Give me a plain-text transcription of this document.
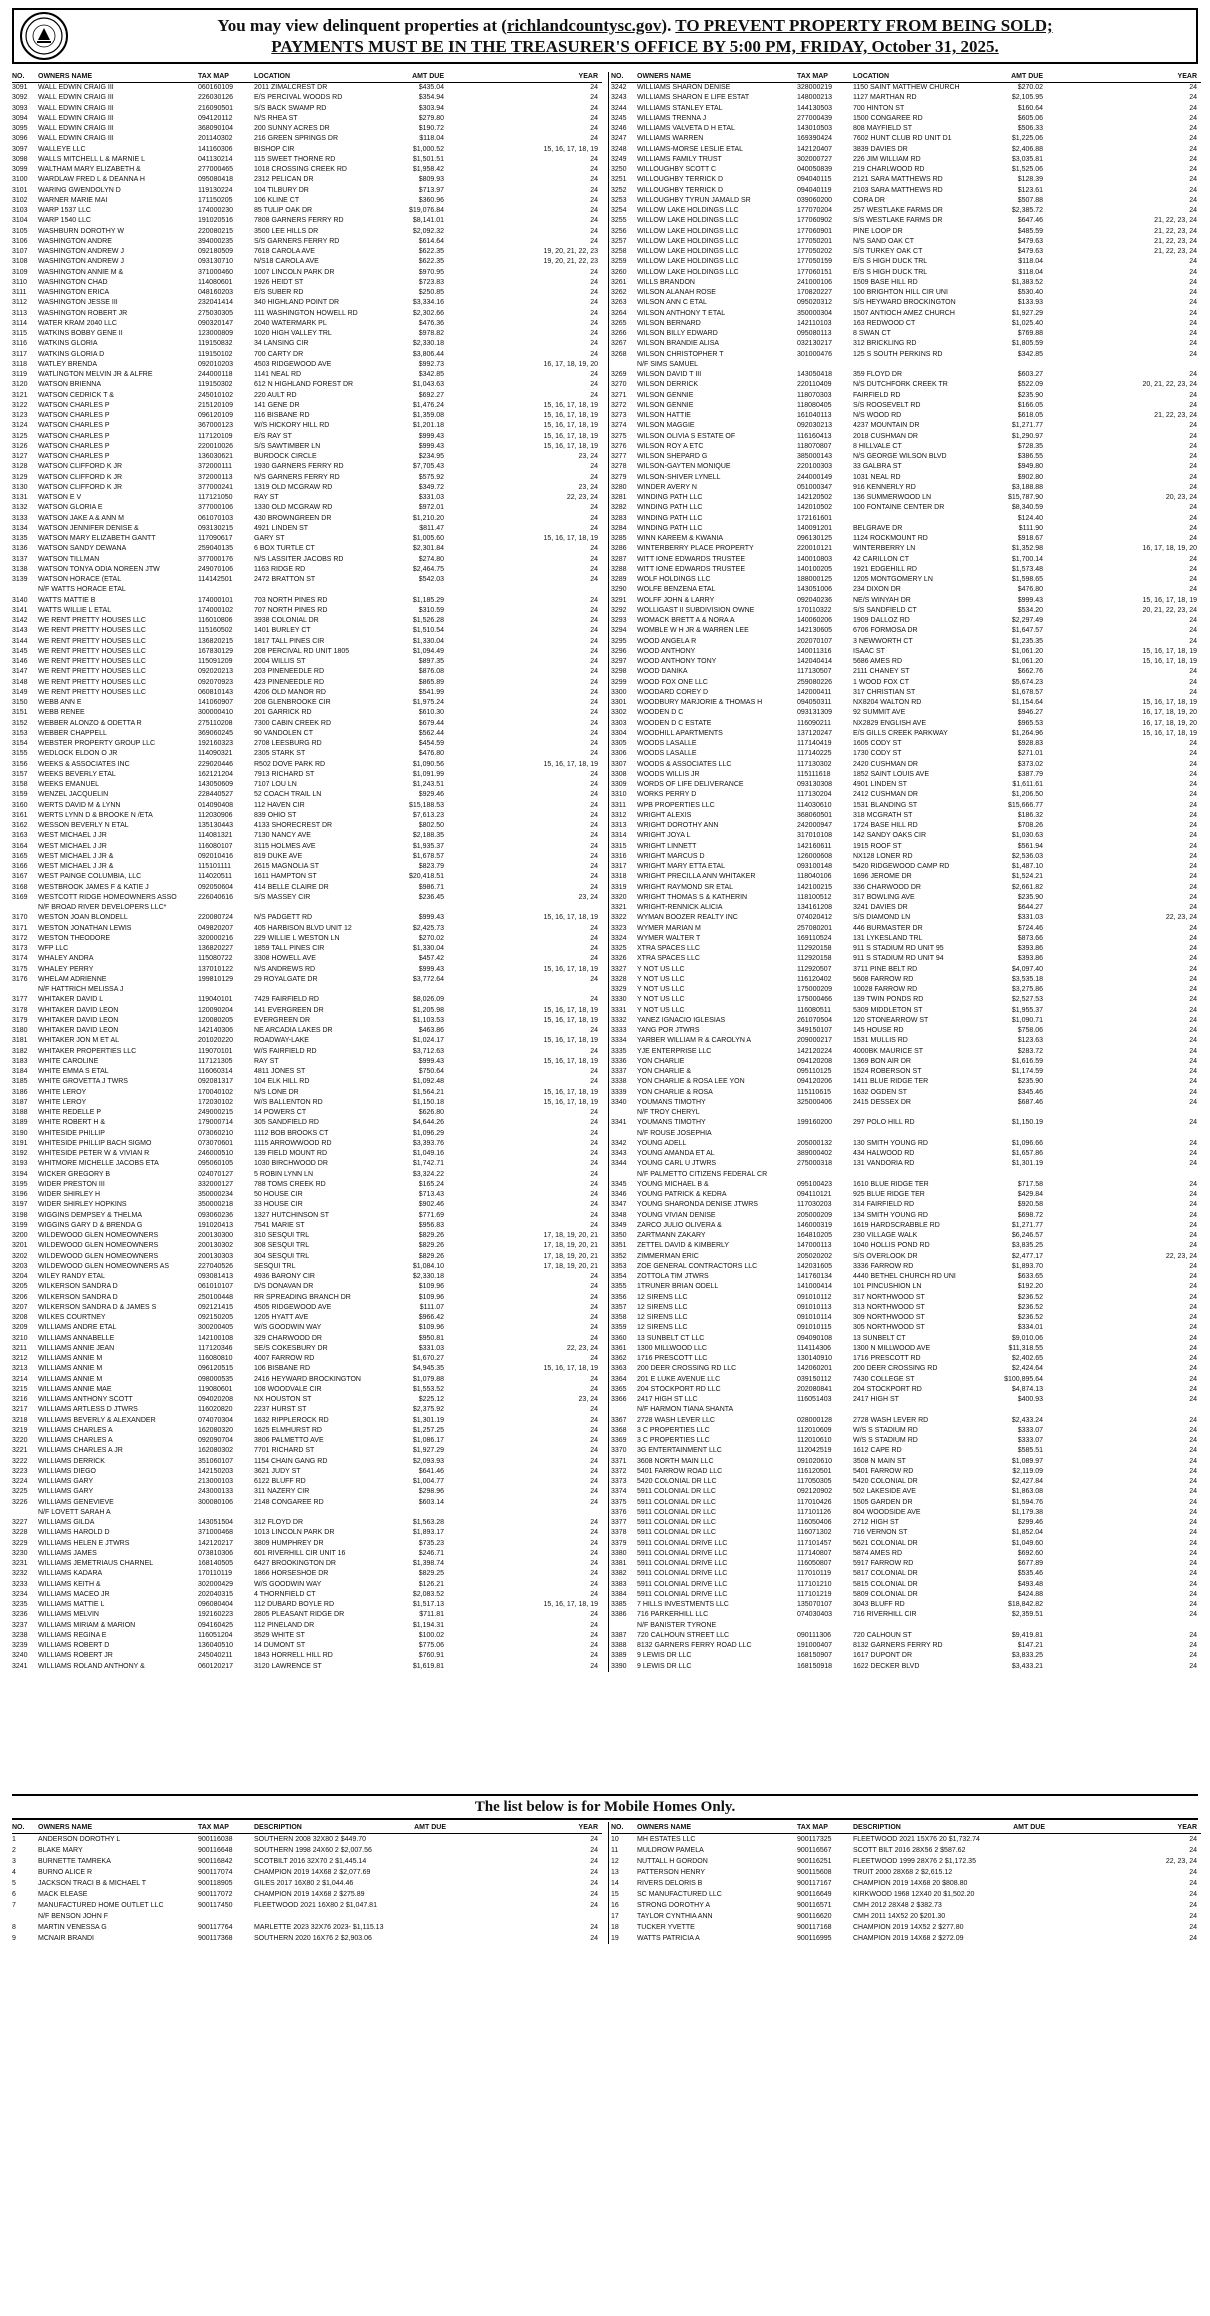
You may view delinquent properties at (richlandcountysc.gov). TO PREVENT PROPERTY FROM BEING SOLD;
PAYMENTS MUST BE IN THE TREASURER'S OFFICE BY 5:00 PM, FRIDAY, October 31, 2025.
NO.	OWNERS NAME	TAX MAP	LOCATION	AMT DUE	YEAR
3091	WALL EDWIN CRAIG III	060160109	2011 ZIMALCREST DR	$435.04	24
3092	WALL EDWIN CRAIG III	226030126	E/S PERCIVAL WOODS RD	$354.94	24
3093	WALL EDWIN CRAIG III	216090501	S/S BACK SWAMP RD	$303.94	24
3094	WALL EDWIN CRAIG III	094120112	N/S RHEA ST	$279.80	24
3095	WALL EDWIN CRAIG III	368090104	200 SUNNY ACRES DR	$190.72	24
3096	WALL EDWIN CRAIG III	201140302	216 GREEN SPRINGS DR	$118.04	24
3097	WALLEYE LLC	141160306	BISHOP CIR	$1,000.52	15, 16, 17, 18, 19
3098	WALLS MITCHELL L & MARNIE L	041130214	115 SWEET THORNE RD	$1,501.51	24
3099	WALTHAM MARY ELIZABETH &	277000465	1018 CROSSING CREEK RD	$1,958.42	24
3100	WARDLAW FRED L & DEANNA H	095080418	2312 PELICAN DR	$809.93	24
3101	WARING GWENDOLYN D	119130224	104 TILBURY DR	$713.97	24
3102	WARNER MARIE MAI	171150205	106 KLINE CT	$360.96	24
3103	WARP 1537 LLC	174000230	85 TULIP OAK DR	$19,076.84	24
3104	WARP 1540 LLC	191020516	7808 GARNERS FERRY RD	$8,141.01	24
3105	WASHBURN DOROTHY W	220080215	3500 LEE HILLS DR	$2,092.32	24
3106	WASHINGTON ANDRE	394000235	S/S GARNERS FERRY RD	$614.64	24
3107	WASHINGTON ANDREW J	092180509	7618 CAROLA AVE	$622.35	19, 20, 21, 22, 23
3108	WASHINGTON ANDREW J	093130710	N/S18 CAROLA AVE	$622.35	19, 20, 21, 22, 23
3109	WASHINGTON ANNIE M &	371000460	1007 LINCOLN PARK DR	$970.95	24
3110	WASHINGTON CHAD	114080601	1926 HEIDT ST	$723.83	24
3111	WASHINGTON ERICA	048160203	E/S SUBER RD	$250.85	24
3112	WASHINGTON JESSE III	232041414	340 HIGHLAND POINT DR	$3,334.16	24
3113	WASHINGTON ROBERT JR	275030305	111 WASHINGTON HOWELL RD	$2,302.66	24
3114	WATER KRAM 2040 LLC	090320147	2040 WATERMARK PL	$476.36	24
3115	WATKINS BOBBY GENE II	123000809	1020 HIGH VALLEY TRL	$978.82	24
3116	WATKINS GLORIA	119150832	34 LANSING CIR	$2,330.18	24
3117	WATKINS GLORIA D	119150102	700 CARTY DR	$3,806.44	24
3118	WATLEY BRENDA	092010203	4503 RIDGEWOOD AVE	$992.73	16, 17, 18, 19, 20
3119	WATLINGTON MELVIN JR & ALFRE	244000118	1141 NEAL RD	$342.85	24
3120	WATSON BRIENNA	119150302	612 N HIGHLAND FOREST DR	$1,043.63	24
3121	WATSON CEDRICK T &	245010102	220 AULT RD	$692.27	24
3122	WATSON CHARLES P	215120109	141 GENE DR	$1,476.24	15, 16, 17, 18, 19
3123	WATSON CHARLES P	096120109	116 BISBANE RD	$1,359.08	15, 16, 17, 18, 19
3124	WATSON CHARLES P	367000123	W/S HICKORY HILL RD	$1,201.18	15, 16, 17, 18, 19
3125	WATSON CHARLES P	117120109	E/S RAY ST	$999.43	15, 16, 17, 18, 19
3126	WATSON CHARLES P	220010026	S/S SAWTIMBER LN	$999.43	15, 16, 17, 18, 19
3127	WATSON CHARLES P	136030621	BURDOCK CIRCLE	$234.95	23, 24
3128	WATSON CLIFFORD K JR	372000111	1930 GARNERS FERRY RD	$7,705.43	24
3129	WATSON CLIFFORD K JR	372000113	N/S GARNERS FERRY RD	$575.92	24
3130	WATSON CLIFFORD K JR	377000241	1319 OLD MCGRAW RD	$349.72	23, 24
3131	WATSON E V	117121050	RAY ST	$331.03	22, 23, 24
3132	WATSON GLORIA E	377000106	1330 OLD MCGRAW RD	$972.01	24
3133	WATSON JAKE A & ANN M	061070103	430 BROWNGREEN DR	$1,210.20	24
3134	WATSON JENNIFER DENISE &	093130215	4921 LINDEN ST	$811.47	24
3135	WATSON MARY ELIZABETH GANTT	117090617	GARY ST	$1,005.60	15, 16, 17, 18, 19
3136	WATSON SANDY DEWANA	259040135	6 BOX TURTLE CT	$2,301.84	24
3137	WATSON TILLMAN	377000176	N/S LASSITER JACOBS RD	$274.80	24
3138	WATSON TONYA ODIA NOREEN JTW	249070106	1163 RIDGE RD	$2,464.75	24
3139	WATSON HORACE (ETAL	114142501	2472 BRATTON ST	$542.03	24
N/F WATTS HORACE ETAL
3140	WATTS MATTIE B	174000101	703 NORTH PINES RD	$1,185.29	24
3141	WATTS WILLIE L ETAL	174000102	707 NORTH PINES RD	$310.59	24
3142	WE RENT PRETTY HOUSES LLC	116010806	3938 COLONIAL DR	$1,526.28	24
3143	WE RENT PRETTY HOUSES LLC	115160502	1401 BURLEY CT	$1,510.54	24
3144	WE RENT PRETTY HOUSES LLC	136820215	1817 TALL PINES CIR	$1,330.04	24
3145	WE RENT PRETTY HOUSES LLC	167830129	208 PERCIVAL RD UNIT 1805	$1,094.49	24
3146	WE RENT PRETTY HOUSES LLC	115091209	2004 WILLIS ST	$897.35	24
3147	WE RENT PRETTY HOUSES LLC	092020213	203 PINENEEDLE RD	$876.08	24
3148	WE RENT PRETTY HOUSES LLC	092070923	423 PINENEEDLE RD	$865.89	24
3149	WE RENT PRETTY HOUSES LLC	060810143	4206 OLD MANOR RD	$541.99	24
3150	WEBB ANN E	141060907	208 GLENBROOKE CIR	$1,975.24	24
3151	WEBB RENEE	300000410	201 GARRICK RD	$610.30	24
3152	WEBBER ALONZO & ODETTA R	275110208	7300 CABIN CREEK RD	$679.44	24
3153	WEBBER CHAPPELL	369060245	90 VANDOLEN CT	$562.44	24
3154	WEBSTER PROPERTY GROUP LLC	192160323	2708 LEESBURG RD	$454.59	24
3155	WEDLOCK ELDON O JR	114090321	2305 STARK ST	$476.80	24
3156	WEEKS & ASSOCIATES INC	229020446	R502 DOVE PARK RD	$1,090.56	15, 16, 17, 18, 19
3157	WEEKS BEVERLY ETAL	162121204	7913 RICHARD ST	$1,091.99	24
3158	WEEKS EMANUEL	143050609	7107 LOU LN	$1,243.51	24
3159	WENZEL JACQUELIN	228440527	52 COACH TRAIL LN	$929.46	24
3160	WERTS DAVID M & LYNN	014090408	112 HAVEN CIR	$15,188.53	24
3161	WERTS LYNN D & BROOKE N /ETA	112030906	839 OHIO ST	$7,613.23	24
3162	WESSON BEVERLY N ETAL	135130443	4133 SHORECREST DR	$802.50	24
3163	WEST MICHAEL J JR	114081321	7130 NANCY AVE	$2,188.35	24
3164	WEST MICHAEL J JR	116080107	3115 HOLMES AVE	$1,935.37	24
3165	WEST MICHAEL J JR &	092010416	819 DUKE AVE	$1,678.57	24
3166	WEST MICHAEL J JR &	115101111	2615 MAGNOLIA ST	$823.79	24
3167	WEST PAINGE COLUMBIA, LLC	114020511	1611 HAMPTON ST	$20,418.51	24
3168	WESTBROOK JAMES F & KATIE J	092050604	414 BELLE CLAIRE DR	$986.71	24
3169	WESTCOTT RIDGE HOMEOWNERS ASSO	226040616	S/S MASSEY CIR	$236.45	23, 24
N/F BROAD RIVER DEVELOPERS LLC*
3170	WESTON JOAN BLONDELL	220080724	N/S PADGETT RD	$999.43	15, 16, 17, 18, 19
3171	WESTON JONATHAN LEWIS	049820207	405 HARBISON BLVD UNIT 12	$2,425.73	24
3172	WESTON THEODORE	320000216	229 WILLIE L WESTON LN	$270.02	24
3173	WFP LLC	136820227	1859 TALL PINES CIR	$1,330.04	24
3174	WHALEY ANDRA	115080722	3308 HOWELL AVE	$457.42	24
3175	WHALEY PERRY	137010122	N/S ANDREWS RD	$999.43	15, 16, 17, 18, 19
3176	WHELAM ADRIENNE	199810129	29 ROYALGATE DR	$3,772.64	24
N/F HATTRICH MELISSA J
3177	WHITAKER DAVID L	119040101	7429 FAIRFIELD RD	$8,026.09	24
3178	WHITAKER DAVID LEON	120090204	141 EVERGREEN DR	$1,205.98	15, 16, 17, 18, 19
3179	WHITAKER DAVID LEON	120080205	EVERGREEN DR	$1,103.53	15, 16, 17, 18, 19
3180	WHITAKER DAVID LEON	142140306	NE ARCADIA LAKES DR	$463.86	24
3181	WHITAKER JON M ET AL	201020220	ROADWAY-LAKE	$1,024.17	15, 16, 17, 18, 19
3182	WHITAKER PROPERTIES LLC	119070101	W/S FAIRFIELD RD	$3,712.63	24
3183	WHITE CAROLINE	117121305	RAY ST	$999.43	15, 16, 17, 18, 19
3184	WHITE EMMA S ETAL	116060314	4811 JONES ST	$750.64	24
3185	WHITE GROVETTA J TWRS	092081317	104 ELK HILL RD	$1,092.48	24
3186	WHITE LEROY	170040102	N/S LONE DR	$1,564.21	15, 16, 17, 18, 19
3187	WHITE LEROY	172030102	W/S BALLENTON RD	$1,150.18	15, 16, 17, 18, 19
3188	WHITE REDELLE P	249000215	14 POWERS CT	$626.80	24
3189	WHITE ROBERT H &	179000714	305 SANDFIELD RD	$4,644.26	24
3190	WHITESIDE PHILLIP	073060210	1112 BOB BROOKS CT	$1,096.29	24
3191	WHITESIDE PHILLIP BACH SIGMO	073070601	1115 ARROWWOOD RD	$3,393.76	24
3192	WHITESIDE PETER W & VIVIAN R	246000510	139 FIELD MOUNT RD	$1,049.16	24
3193	WHITMORE MICHELLE JACOBS ETA	095060105	1030 BIRCHWOOD DR	$1,742.71	24
3194	WICKER GREGORY B	024070127	5 ROBIN LYNN LN	$3,324.22	24
3195	WIDER PRESTON III	332000127	788 TOMS CREEK RD	$165.24	24
3196	WIDER SHIRLEY H	350000234	50 HOUSE CIR	$713.43	24
3197	WIDER SHIRLEY HOPKINS	350000218	33 HOUSE CIR	$902.46	24
3198	WIGGINS DEMPSEY & THELMA	093060236	1327 HUTCHINSON ST	$771.69	24
3199	WIGGINS GARY D & BRENDA G	191020413	7541 MARIE ST	$956.83	24
3200	WILDEWOOD GLEN HOMEOWNERS	200130300	310 SESQUI TRL	$829.26	17, 18, 19, 20, 21
3201	WILDEWOOD GLEN HOMEOWNERS	200130302	308 SESQUI TRL	$829.26	17, 18, 19, 20, 21
3202	WILDEWOOD GLEN HOMEOWNERS	200130303	304 SESQUI TRL	$829.26	17, 18, 19, 20, 21
3203	WILDEWOOD GLEN HOMEOWNERS AS	227040526	SESQUI TRL	$1,084.10	17, 18, 19, 20, 21
3204	WILEY RANDY ETAL	093081413	4936 BARONY CIR	$2,330.18	24
3205	WILKERSON SANDRA D	061010107	D/S DONAVAN DR	$109.96	24
3206	WILKERSON SANDRA D	250100448	RR SPREADING BRANCH DR	$109.96	24
3207	WILKERSON SANDRA D & JAMES S	092121415	4505 RIDGEWOOD AVE	$111.07	24
3208	WILKES COURTNEY	092150205	1205 HYATT AVE	$966.42	24
3209	WILLIAMS ANDRE ETAL	300200405	W/S GOODWIN WAY	$109.96	24
3210	WILLIAMS ANNABELLE	142100108	329 CHARWOOD DR	$950.81	24
3211	WILLIAMS ANNIE JEAN	117120346	SE/S COKESBURY DR	$331.03	22, 23, 24
3212	WILLIAMS ANNIE M	116080810	4007 FARROW RD	$1,670.27	24
3213	WILLIAMS ANNIE M	096120515	106 BISBANE RD	$4,945.35	15, 16, 17, 18, 19
3214	WILLIAMS ANNIE M	098000535	2416 HEYWARD BROCKINGTON	$1,079.88	24
3215	WILLIAMS ANNIE MAE	119080601	108 WOODVALE CIR	$1,553.52	24
3216	WILLIAMS ANTHONY SCOTT	094020208	NX HOUSTON ST	$225.12	23, 24
3217	WILLIAMS ARTLESS D JTWRS	116020820	2237 HURST ST	$2,375.92	24
3218	WILLIAMS BEVERLY & ALEXANDER	074070304	1632 RIPPLEROCK RD	$1,301.19	24
3219	WILLIAMS CHARLES A	162080320	1625 ELMHURST RD	$1,257.25	24
3220	WILLIAMS CHARLES A	092090704	3806 PALMETTO AVE	$1,086.17	24
3221	WILLIAMS CHARLES A JR	162080302	7701 RICHARD ST	$1,927.29	24
3222	WILLIAMS DERRICK	351060107	1154 CHAIN GANG RD	$2,093.93	24
3223	WILLIAMS DIEGO	142150203	3621 JUDY ST	$641.46	24
3224	WILLIAMS GARY	213000103	6122 BLUFF RD	$1,004.77	24
3225	WILLIAMS GARY	243000133	311 NAZERY CIR	$298.96	24
3226	WILLIAMS GENEVIEVE	300080106	2148 CONGAREE RD	$603.14	24
N/F LOVETT SARAH A
3227	WILLIAMS GILDA	143051504	312 FLOYD DR	$1,563.28	24
3228	WILLIAMS HAROLD D	371000468	1013 LINCOLN PARK DR	$1,893.17	24
3229	WILLIAMS HELEN E JTWRS	142120217	3809 HUMPHREY DR	$735.23	24
3230	WILLIAMS JAMES	073810306	601 RIVERHILL CIR UNIT 16	$246.71	24
3231	WILLIAMS JEMETRIAUS CHARNEL	168140505	6427 BROOKINGTON DR	$1,398.74	24
3232	WILLIAMS KADARA	170110119	1866 HORSESHOE DR	$829.25	24
3233	WILLIAMS KEITH &	302000429	W/S GOODWIN WAY	$126.21	24
3234	WILLIAMS MACEO JR	202040315	4 THORNFIELD CT	$2,083.52	24
3235	WILLIAMS MATTIE L	096080404	112 DUBARD BOYLE RD	$1,517.13	15, 16, 17, 18, 19
3236	WILLIAMS MELVIN	192160223	2805 PLEASANT RIDGE DR	$711.81	24
3237	WILLIAMS MIRIAM & MARION	094160425	112 PINELAND DR	$1,194.31	24
3238	WILLIAMS REGINA E	116051204	3529 WHITE ST	$100.02	24
3239	WILLIAMS ROBERT D	136040510	14 DUMONT ST	$775.06	24
3240	WILLIAMS ROBERT JR	245040211	1843 HORRELL HILL RD	$760.91	24
3241	WILLIAMS ROLAND ANTHONY &	060120217	3120 LAWRENCE ST	$1,619.81	24
NO.	OWNERS NAME	TAX MAP	LOCATION	AMT DUE	YEAR
3242	WILLIAMS SHARON DENISE	328000219	1150 SAINT MATTHEW CHURCH	$270.02	24
3243	WILLIAMS SHARON E LIFE ESTAT	148000213	1127 MARTHAN RD	$2,105.95	24
3244	WILLIAMS STANLEY ETAL	144130503	700 HINTON ST	$160.64	24
3245	WILLIAMS TRENNA J	277000439	1500 CONGAREE RD	$605.06	24
3246	WILLIAMS VALVETA D H ETAL	143010503	808 MAYFIELD ST	$506.33	24
3247	WILLIAMS WARREN	169390424	7602 HUNT CLUB RD UNIT D1	$1,225.06	24
3248	WILLIAMS-MORSE LESLIE ETAL	142120407	3839 DAVIES DR	$2,406.88	24
3249	WILLIAMS FAMILY TRUST	302000727	226 JIM WILLIAM RD	$3,035.81	24
3250	WILLOUGHBY SCOTT C	040050839	219 CHARLWOOD RD	$1,525.06	24
3251	WILLOUGHBY TERRICK D	094040115	2121 SARA MATTHEWS RD	$128.39	24
3252	WILLOUGHBY TERRICK D	094040119	2103 SARA MATTHEWS RD	$123.61	24
3253	WILLOUGHBY TYRUN JAMALD SR	039060200	CORA DR	$507.88	24
3254	WILLOW LAKE HOLDINGS LLC	177070204	257 WESTLAKE FARMS DR	$2,385.72	24
3255	WILLOW LAKE HOLDINGS LLC	177060902	S/S WESTLAKE FARMS DR	$647.46	21, 22, 23, 24
3256	WILLOW LAKE HOLDINGS LLC	177060901	PINE LOOP DR	$485.59	21, 22, 23, 24
3257	WILLOW LAKE HOLDINGS LLC	177050201	N/S SAND OAK CT	$479.63	21, 22, 23, 24
3258	WILLOW LAKE HOLDINGS LLC	177050202	S/S TURKEY OAK CT	$479.63	21, 22, 23, 24
3259	WILLOW LAKE HOLDINGS LLC	177050159	E/S S HIGH DUCK TRL	$118.04	24
3260	WILLOW LAKE HOLDINGS LLC	177060151	E/S S HIGH DUCK TRL	$118.04	24
3261	WILLS BRANDON	241000106	1509 BASE HILL RD	$1,383.52	24
3262	WILSON ALANAH ROSE	170820227	100 BRIGHTON HILL CIR UNI	$530.40	24
3263	WILSON ANN C ETAL	095020312	S/S HEYWARD BROCKINGTON	$133.93	24
3264	WILSON ANTHONY T ETAL	350000304	1507 ANTIOCH AMEZ CHURCH	$1,927.29	24
3265	WILSON BERNARD	142110103	163 REDWOOD CT	$1,025.40	24
3266	WILSON BILLY EDWARD	095080113	8 SWAN CT	$769.88	24
3267	WILSON BRANDIE ALISA	032130217	312 BRICKLING RD	$1,805.59	24
3268	WILSON CHRISTOPHER T	301000476	125 S SOUTH PERKINS RD	$342.85	24
N/F SIMS SAMUEL
3269	WILSON DAVID T III	143050418	359 FLOYD DR	$603.27	24
3270	WILSON DERRICK	220110409	N/S DUTCHFORK CREEK TR	$522.09	20, 21, 22, 23, 24
3271	WILSON GENNIE	118070303	FAIRFIELD RD	$235.90	24
3272	WILSON GENNIE	118080405	S/S ROOSEVELT RD	$166.05	24
3273	WILSON HATTIE	161040113	N/S WOOD RD	$618.05	21, 22, 23, 24
3274	WILSON MAGGIE	092030213	4237 MOUNTAIN DR	$1,271.77	24
3275	WILSON OLIVIA S ESTATE OF	116160413	2018 CUSHMAN DR	$1,290.97	24
3276	WILSON ROY A ETC	118070807	8 HILLVALE CT	$728.35	24
3277	WILSON SHEPARD G	385000143	N/S GEORGE WILSON BLVD	$386.55	24
3278	WILSON-GAYTEN MONIQUE	220100303	33 GALBRA ST	$949.80	24
3279	WILSON-SHIVER LYNELL	244000149	1031 NEAL RD	$902.80	24
3280	WINDER AVERY N	051000347	916 KENNERLY RD	$3,188.88	24
3281	WINDING PATH LLC	142120502	136 SUMMERWOOD LN	$15,787.90	20, 23, 24
3282	WINDING PATH LLC	142010502	100 FONTAINE CENTER DR	$8,340.59	24
3283	WINDING PATH LLC	172161601	$124.40	24
3284	WINDING PATH LLC	140091201	BELGRAVE DR	$111.90	24
3285	WINN KAREEM & KWANIA	096130125	1124 ROCKMOUNT RD	$918.67	24
3286	WINTERBERRY PLACE PROPERTY	220010121	WINTERBERRY LN	$1,352.98	16, 17, 18, 19, 20
3287	WITT IONE EDWARDS TRUSTEE	140010803	42 CARILLON CT	$1,700.14	24
3288	WITT IONE EDWARDS TRUSTEE	140100205	1921 EDGEHILL RD	$1,573.48	24
3289	WOLF HOLDINGS LLC	188000125	1205 MONTGOMERY LN	$1,598.65	24
3290	WOLFE BENZENA ETAL	143051006	234 DIXON DR	$476.80	24
3291	WOLFF JOHN & LARRY	092040236	NE/S WINYAH DR	$999.43	15, 16, 17, 18, 19
3292	WOLLIGAST II SUBDIVISION OWNE	170110322	S/S SANDFIELD CT	$534.20	20, 21, 22, 23, 24
3293	WOMACK BRETT A & NORA A	140060206	1909 DALLOZ RD	$2,297.49	24
3294	WOMBLE W H JR & WARREN LEE	142130605	6706 FORMOSA DR	$1,647.57	24
3295	WOOD ANGELA R	202070107	3 NEWWORTH CT	$1,235.35	24
3296	WOOD ANTHONY	140011316	ISAAC ST	$1,061.20	15, 16, 17, 18, 19
3297	WOOD ANTHONY TONY	142040414	5686 AMES RD	$1,061.20	15, 16, 17, 18, 19
3298	WOOD DANIKA	117130507	2111 CHANEY ST	$662.76	24
3299	WOOD FOX ONE LLC	259080226	1 WOOD FOX CT	$5,674.23	24
3300	WOODARD COREY D	142000411	317 CHRISTIAN ST	$1,678.57	24
3301	WOODBURY MARJORIE & THOMAS H	094050311	NX8204 WALTON RD	$1,154.64	15, 16, 17, 18, 19
3302	WOODEN D C	093131309	92 SUMMIT AVE	$946.27	16, 17, 18, 19, 20
3303	WOODEN D C ESTATE	116090211	NX2829 ENGLISH AVE	$965.53	16, 17, 18, 19, 20
3304	WOODHILL APARTMENTS	137120247	E/S GILLS CREEK PARKWAY	$1,264.96	15, 16, 17, 18, 19
3305	WOODS LASALLE	117140419	1605 CODY ST	$928.83	24
3306	WOODS LASALLE	117140225	1730 CODY ST	$271.01	24
3307	WOODS & ASSOCIATES LLC	117130302	2420 CUSHMAN DR	$373.02	24
3308	WOODS WILLIS JR	115111618	1852 SAINT LOUIS AVE	$387.79	24
3309	WORDS OF LIFE DELIVERANCE	093130308	4901 LINDEN ST	$1,611.61	24
3310	WORKS PERRY D	117130204	2412 CUSHMAN DR	$1,206.50	24
3311	WPB PROPERTIES LLC	114030610	1531 BLANDING ST	$15,666.77	24
3312	WRIGHT ALEXIS	368060501	318 MCGRATH ST	$186.32	24
3313	WRIGHT DOROTHY ANN	242000947	1724 BASE HILL RD	$708.26	24
3314	WRIGHT JOYA L	317010108	142 SANDY OAKS CIR	$1,030.63	24
3315	WRIGHT LINNETT	142160611	1915 ROOF ST	$561.94	24
3316	WRIGHT MARCUS D	126000608	NX128 LONER RD	$2,536.03	24
3317	WRIGHT MARY ETTA ETAL	093100148	5420 RIDGEWOOD CAMP RD	$1,487.10	24
3318	WRIGHT PRECILLA ANN WHITAKER	118040106	1696 JEROME DR	$1,524.21	24
3319	WRIGHT RAYMOND SR ETAL	142100215	336 CHARWOOD DR	$2,661.82	24
3320	WRIGHT THOMAS S & KATHERIN	118100512	317 BOWLING AVE	$235.90	24
3321	WRIGHT-RENNICK ALICIA	134161208	3241 DAVIES DR	$644.27	24
3322	WYMAN BOOZER REALTY INC	074020412	S/S DIAMOND LN	$331.03	22, 23, 24
3323	WYMER MARIAN M	257080201	446 BURMASTER DR	$724.46	24
3324	WYMER WALTER T	169110524	131 LYKESLAND TRL	$873.66	24
3325	XTRA SPACES LLC	112920158	911 S STADIUM RD UNIT 95	$393.86	24
3326	XTRA SPACES LLC	112920158	911 S STADIUM RD UNIT 94	$393.86	24
3327	Y NOT US LLC	112920507	3711 PINE BELT RD	$4,097.40	24
3328	Y NOT US LLC	116120402	5608 FARROW RD	$3,535.18	24
3329	Y NOT US LLC	175000209	10028 FARROW RD	$3,275.86	24
3330	Y NOT US LLC	175000466	139 TWIN PONDS RD	$2,527.53	24
3331	Y NOT US LLC	116080511	5309 MIDDLETON ST	$1,955.37	24
3332	YANEZ IGNACIO IGLESIAS	261070504	120 STONEARROW ST	$1,090.71	24
3333	YANG POR JTWRS	349150107	145 HOUSE RD	$758.06	24
3334	YARBER WILLIAM R & CAROLYN A	209000217	1531 MULLIS RD	$123.63	24
3335	YJE ENTERPRISE LLC	142120224	4000BK MAURICE ST	$283.72	24
3336	YON CHARLIE	094120208	1369 BON AIR DR	$1,616.59	24
3337	YON CHARLIE &	095110125	1524 ROBERSON ST	$1,174.59	24
3338	YON CHARLIE & ROSA LEE YON	094120206	1411 BLUE RIDGE TER	$235.90	24
3339	YON CHARLIE & ROSA	115110615	1632 OGDEN ST	$345.46	24
3340	YOUMANS TIMOTHY	325000406	2415 DESSEX DR	$687.46	24
N/F TROY CHERYL
3341	YOUMANS TIMOTHY	199160200	297 POLO HILL RD	$1,150.19	24
N/F ROUSE JOSEPHIA
3342	YOUNG ADELL	205000132	130 SMITH YOUNG RD	$1,096.66	24
3343	YOUNG AMANDA ET AL	389000402	434 HALWOOD RD	$1,657.86	24
3344	YOUNG CARL U JTWRS	275000318	131 VANDORIA RD	$1,301.19	24
N/F PALMETTO CITIZENS FEDERAL CR
3345	YOUNG MICHAEL B &	095100423	1610 BLUE RIDGE TER	$717.58	24
3346	YOUNG PATRICK & KEDRA	094110121	925 BLUE RIDGE TER	$429.84	24
3347	YOUNG SHARONDA DENISE JTWRS	117030203	314 FAIRFIELD RD	$920.58	24
3348	YOUNG VIVIAN DENISE	205000209	134 SMITH YOUNG RD	$698.72	24
3349	ZARCO JULIO OLIVERA &	146000319	1619 HARDSCRABBLE RD	$1,271.77	24
3350	ZARTMANN ZAKARY	164810205	230 VILLAGE WALK	$6,246.57	24
3351	ZETTEL DAVID & KIMBERLY	147000113	1040 HOLLIS POND RD	$3,835.25	24
3352	ZIMMERMAN ERIC	205020202	S/S OVERLOOK DR	$2,477.17	22, 23, 24
3353	ZOE GENERAL CONTRACTORS LLC	142031605	3336 FARROW RD	$1,893.70	24
3354	ZOTTOLA TIM JTWRS	141760134	4440 BETHEL CHURCH RD UNI	$633.65	24
3355	1TRUNER BRIAN ODELL	141000414	101 PINCUSHION LN	$192.20	24
3356	12 SIRENS LLC	091010112	317 NORTHWOOD ST	$236.52	24
3357	12 SIRENS LLC	091010113	313 NORTHWOOD ST	$236.52	24
3358	12 SIRENS LLC	091010114	309 NORTHWOOD ST	$236.52	24
3359	12 SIRENS LLC	091010115	305 NORTHWOOD ST	$334.01	24
3360	13 SUNBELT CT LLC	094090108	13 SUNBELT CT	$9,010.06	24
3361	1300 MILLWOOD LLC	114114306	1300 N MILLWOOD AVE	$11,318.55	24
3362	1716 PRESCOTT LLC	130140910	1716 PRESCOTT RD	$2,402.65	24
3363	200 DEER CROSSING RD LLC	142060201	200 DEER CROSSING RD	$2,424.64	24
3364	201 E LUKE AVENUE LLC	039150112	7430 COLLEGE ST	$100,895.64	24
3365	204 STOCKPORT RD LLC	202080841	204 STOCKPORT RD	$4,874.13	24
3366	2417 HIGH ST LLC	116051403	2417 HIGH ST	$400.93	24
N/F HARMON TIANA SHANTA
3367	2728 WASH LEVER LLC	028000128	2728 WASH LEVER RD	$2,433.24	24
3368	3 C PROPERTIES LLC	112010609	W/S S STADIUM RD	$333.07	24
3369	3 C PROPERTIES LLC	112010610	W/S S STADIUM RD	$333.07	24
3370	3G ENTERTAINMENT LLC	112042519	1612 CAPE RD	$585.51	24
3371	3608 NORTH MAIN LLC	091020610	3508 N MAIN ST	$1,089.97	24
3372	5401 FARROW ROAD LLC	116120501	5401 FARROW RD	$2,119.09	24
3373	5420 COLONIAL DR LLC	117050305	5420 COLONIAL DR	$2,427.84	24
3374	5911 COLONIAL DR LLC	092120902	502 LAKESIDE AVE	$1,863.08	24
3375	5911 COLONIAL DR LLC	117010426	1505 GARDEN DR	$1,594.76	24
3376	5911 COLONIAL DR LLC	117101126	804 WOODSIDE AVE	$1,179.38	24
3377	5911 COLONIAL DR LLC	116050406	2712 HIGH ST	$299.46	24
3378	5911 COLONIAL DR LLC	116071302	716 VERNON ST	$1,852.04	24
3379	5911 COLONIAL DRIVE LLC	117101457	5621 COLONIAL DR	$1,049.60	24
3380	5911 COLONIAL DRIVE LLC	117140807	5874 AMES RD	$692.60	24
3381	5911 COLONIAL DRIVE LLC	116050807	5917 FARROW RD	$677.89	24
3382	5911 COLONIAL DRIVE LLC	117010119	5817 COLONIAL DR	$535.46	24
3383	5911 COLONIAL DRIVE LLC	117101210	5815 COLONIAL DR	$493.48	24
3384	5911 COLONIAL DRIVE LLC	117101219	5809 COLONIAL DR	$424.88	24
3385	7 HILLS INVESTMENTS LLC	135070107	3043 BLUFF RD	$18,842.82	24
3386	716 PARKERHILL LLC	074030403	716 RIVERHILL CIR	$2,359.51	24
N/F BANISTER TYRONE
3387	720 CALHOUN STREET LLC	090111306	720 CALHOUN ST	$9,419.81	24
3388	8132 GARNERS FERRY ROAD LLC	191000407	8132 GARNERS FERRY RD	$147.21	24
3389	9 LEWIS DR LLC	168150907	1617 DUPONT DR	$3,833.25	24
3390	9 LEWIS DR LLC	168150918	1622 DECKER BLVD	$3,433.21	24
The list below is for Mobile Homes Only.
NO.	OWNERS NAME	TAX MAP	DESCRIPTION	AMT DUE	YEAR
1	ANDERSON DOROTHY L	900116038	SOUTHERN 2008 32X80 2 $449.70	24
2	BLAKE MARY	900116648	SOUTHERN 1998 24X60 2 $2,007.56	24
3	BURNETTE TAMREKA	900116842	SCOTBILT 2016 32X70 2 $1,445.14	24
4	BURNO ALICE R	900117074	CHAMPION 2019 14X68 2 $2,077.69	24
5	JACKSON TRACI B & MICHAEL T	900118905	GILES 2017 16X80 2 $1,044.46	24
6	MACK ELEASE	900117072	CHAMPION 2019 14X68 2 $275.89	24
7	MANUFACTURED HOME OUTLET LLC	900117450	FLEETWOOD 2021 16X80 2 $1,047.81	24
N/F BENSON JOHN F
8	MARTIN VENESSA G	900117764	MARLETTE 2023 32X76 2023- $1,115.13	24
9	MCNAIR BRANDI	900117368	SOUTHERN 2020 16X76 2 $2,903.06	24
NO.	OWNERS NAME	TAX MAP	DESCRIPTION	AMT DUE	YEAR
10	MH ESTATES LLC	900117325	FLEETWOOD 2021 15X76 20 $1,732.74	24
11	MULDROW PAMELA	900116567	SCOTT BILT 2016 28X56 2 $587.62	24
12	NUTTALL H GORDON	900116251	FLEETWOOD 1999 28X76 2 $1,172.35	22, 23, 24
13	PATTERSON HENRY	900115608	TRUIT 2000 28X68 2 $2,615.12	24
14	RIVERS DELORIS B	900117167	CHAMPION 2019 14X68 20 $808.80	24
15	SC MANUFACTURED LLC	900116649	KIRKWOOD 1968 12X40 20 $1,502.20	24
16	STRONG DOROTHY A	900116571	CMH 2012 28X48 2 $382.73	24
17	TAYLOR CYNTHIA ANN	900116620	CMH 2011 14X52 20 $201.30	24
18	TUCKER YVETTE	900117168	CHAMPION 2019 14X52 2 $277.80	24
19	WATTS PATRICIA A	900116995	CHAMPION 2019 14X68 2 $272.09	24
